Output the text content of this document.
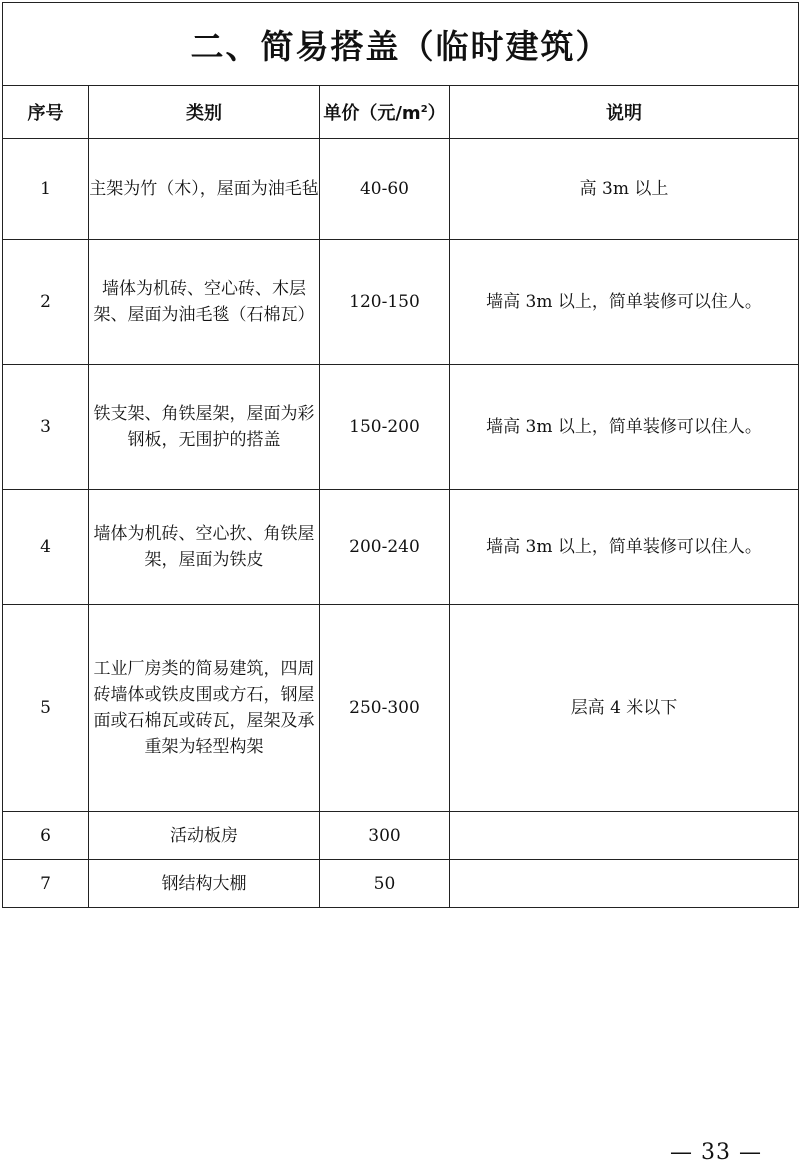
二、简易搭盖（临时建筑）			
序号	类别	单价（元$/m^2$）	说明
1	主架为竹（木），屋面为油毛毡	40-60	高 3m 以上
2	墙体为机砖、空心砖、木层架、屋面为油毛毯（石棉瓦）	120-150	墙高 3m 以上，简单装修可以住人。
3	铁支架、角铁屋架，屋面为彩钢板，无围护的搭盖	150-200	墙高 3m 以上，简单装修可以住人。
4	墙体为机砖、空心扻、角铁屋架，屋面为铁皮	200-240	墙高 3m 以上，简单装修可以住人。
5	工业厂房类的简易建筑，四周砖墙体或铁皮围或方石，钢屋面或石棉瓦或砖瓦，屋架及承重架为轻型构架	250-300	层高 4 米以下
6	活动板房	300	
7	钢结构大棚	50	
— 33 —
